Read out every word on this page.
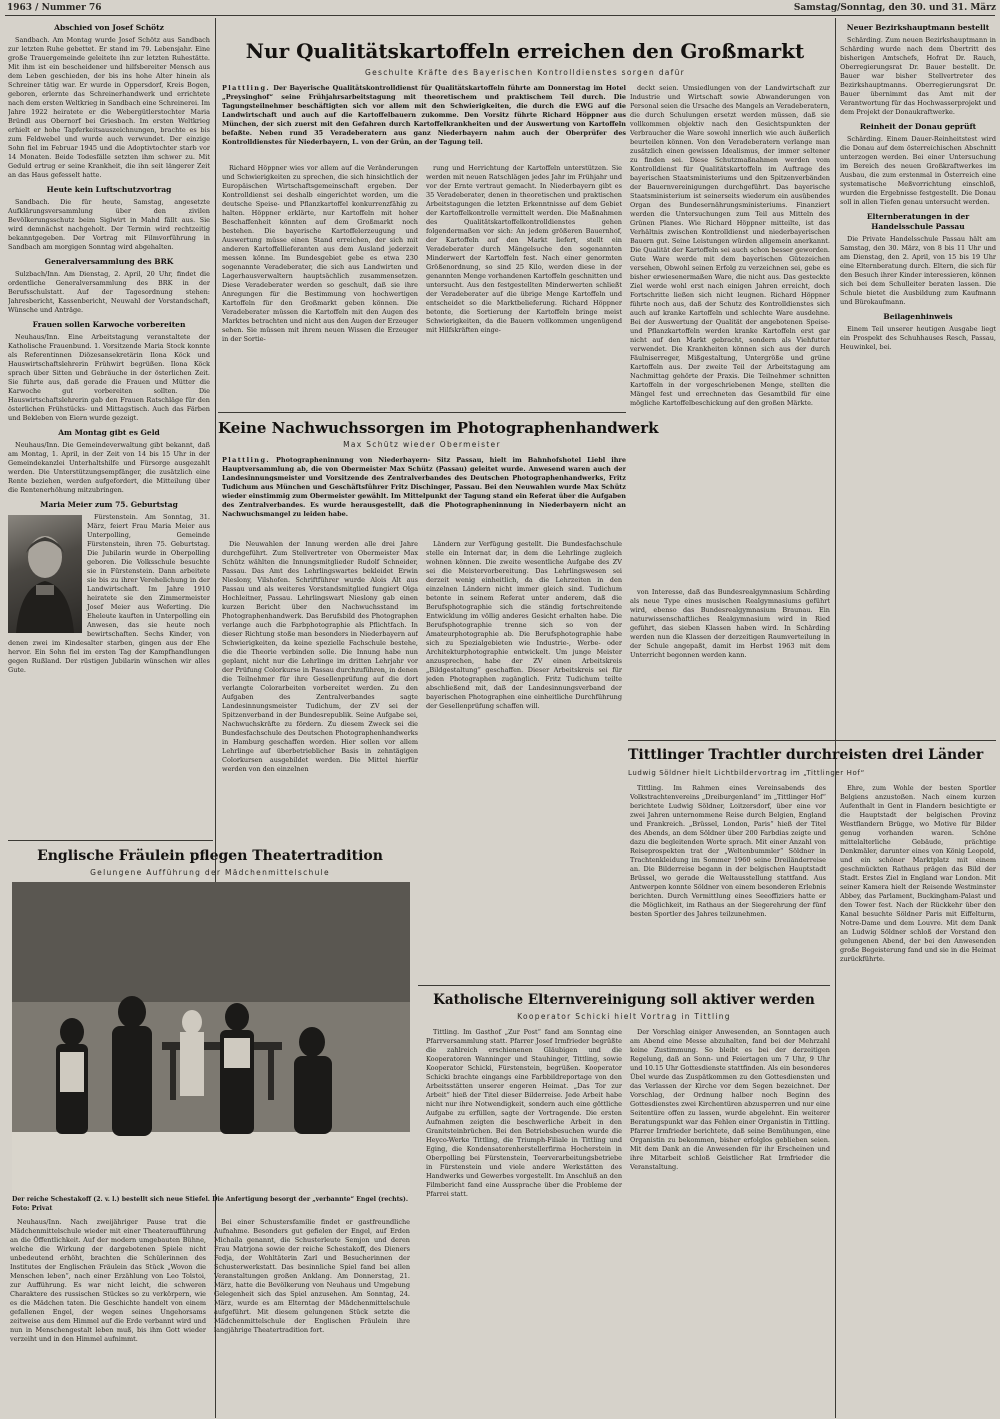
1963 / Nummer 76	Samstag/Sonntag, den 30. und 31. März
Abschied von Josef Schötz

Sandbach. Am Montag wurde Josef Schötz aus Sandbach zur letzten Ruhe gebettet. Er stand im 79. Lebensjahr. Eine große Trauergemeinde geleitete ihn zur letzten Ruhestätte. Mit ihm ist ein bescheidener und hilfsbereiter Mensch aus dem Leben geschieden, der bis ins hohe Alter hinein als Schreiner tätig war. Er wurde in Oppersdorf, Kreis Bogen, geboren, erlernte das Schreinerhandwerk und errichtete nach dem ersten Weltkrieg in Sandbach eine Schreinerei. Im Jahre 1922 heiratete er die Webergütlerstochter Maria Bründl aus Obernorf bei Griesbach. Im ersten Weltkrieg erhielt er hohe Tapferkeitsauszeichnungen, brachte es bis zum Feldwebel und wurde auch verwundet. Der einzige Sohn fiel im Februar 1945 und die Adoptivtochter starb vor 14 Monaten. Beide Todesfälle setzten ihm schwer zu. Mit Geduld ertrug er seine Krankheit, die ihn seit längerer Zeit an das Haus gefesselt hatte.

Heute kein Luftschutzvortrag

Sandbach. Die für heute, Samstag, angesetzte Aufklärungsversammlung über den zivilen Bevölkerungsschutz beim Siglwirt in Mahd fällt aus. Sie wird demnächst nachgeholt. Der Termin wird rechtzeitig bekanntgegeben. Der Vortrag mit Filmvorführung in Sandbach am morgigen Sonntag wird abgehalten.

Generalversammlung des BRK

Sulzbach/Inn. Am Dienstag, 2. April, 20 Uhr, findet die ordentliche Generalversammlung des BRK in der Berufsschulstatt. Auf der Tagesordnung stehen: Jahresbericht, Kassenbericht, Neuwahl der Vorstandschaft, Wünsche und Anträge.

Frauen sollen Karwoche vorbereiten

Neuhaus/Inn. Eine Arbeitstagung veranstaltete der Katholische Frauenbund. 1. Vorsitzende Maria Stock konnte als Referentinnen Diözesansekretärin Ilona Köck und Hauswirtschaftslehrerin Frühwirt begrüßen. Ilona Köck sprach über Sitten und Gebräuche in der österlichen Zeit. Sie führte aus, daß gerade die Frauen und Mütter die Karwoche gut vorbereiten sollten. Die Hauswirtschaftslehrerin gab den Frauen Ratschläge für den österlichen Frühstücks- und Mittagstisch. Auch das Färben und Bekleben von Eiern wurde gezeigt.

Am Montag gibt es Geld

Neuhaus/Inn. Die Gemeindeverwaltung gibt bekannt, daß am Montag, 1. April, in der Zeit von 14 bis 15 Uhr in der Gemeindekanzlei Unterhaltshilfe und Fürsorge ausgezahlt werden. Die Unterstützungsempfänger, die zusätzlich eine Rente beziehen, werden aufgefordert, die Mitteilung über die Rentenerhöhung mitzubringen.

Maria Meier zum 75. Geburtstag

Fürstenstein. Am Sonntag, 31. März, feiert Frau Maria Meier aus Unterpolling, Gemeinde Fürstenstein, ihren 75. Geburtstag. Die Jubilarin wurde in Oberpolling geboren. Die Volksschule besuchte sie in Fürstenstein. Dann arbeitete sie bis zu ihrer Verehelichung in der Landwirtschaft. Im Jahre 1910 heiratete sie den Zimmermeister Josef Meier aus Weferting. Die Eheleute kauften in Unterpolling ein Anwesen, das sie heute noch bewirtschaften. Sechs Kinder, von denen zwei im Kindesalter starben, gingen aus der Ehe hervor. Ein Sohn fiel im ersten Tag der Kampfhandlungen gegen Rußland. Der rüstigen Jubilarin wünschen wir alles Gute.

Englische Fräulein pflegen Theatertradition
Gelungene Aufführung der Mädchenmittelschule
Der reiche Schestakoff (2. v. l.) bestellt sich neue Stiefel. Die Anfertigung besorgt der „verbannte“ Engel (rechts). Foto: Privat

Neuhaus/Inn. Nach zweijähriger Pause trat die Mädchenmittelschule wieder mit einer Theateraufführung an die Öffentlichkeit. Auf der modern umgebauten Bühne, welche die Wirkung der dargebotenen Spiele nicht unbedeutend erhöht, brachten die Schülerinnen des Institutes der Englischen Fräulein das Stück „Wovon die Menschen leben“, nach einer Erzählung von Leo Tolstoi, zur Aufführung. Es war nicht leicht, die schweren Charaktere des russischen Stückes so zu verkörpern, wie es die Mädchen taten. Die Geschichte handelt von einem gefallenen Engel, der wegen seines Ungehorsams zeitweise aus dem Himmel auf die Erde verbannt wird und nun in Menschengestalt leben muß, bis ihm Gott wieder verzeiht und in den Himmel aufnimmt.

Bei einer Schustersfamilie findet er gastfreundliche Aufnahme. Besonders gut gefielen der Engel, auf Erden Michaila genannt, die Schusterleute Semjon und deren Frau Matrjona sowie der reiche Schestakoff, des Dieners Fedja, der Wohltäterin Zarl und Besucherinnen der Schusterwerkstatt. Das besinnliche Spiel fand bei allen Veranstaltungen großen Anklang. Am Donnerstag, 21. März, hatte die Bevölkerung von Neuhaus und Umgebung Gelegenheit sich das Spiel anzusehen. Am Sonntag, 24. März, wurde es am Elterntag der Mädchenmittelschule aufgeführt. Mit diesem gelungenen Stück setzte die Mädchenmittelschule der Englischen Fräulein ihre langjährige Theatertradition fort.

Nur Qualitätskartoffeln erreichen den Großmarkt
Geschulte Kräfte des Bayerischen Kontrolldienstes sorgen dafür
Plattling. Der Bayerische Qualitätskontrolldienst für Qualitätskartoffeln führte am Donnerstag im Hotel „Preysinghof“ seine Frühjahrsarbeitstagung mit theoretischem und praktischem Teil durch. Die Tagungsteilnehmer beschäftigten sich vor allem mit den Schwierigkeiten, die durch die EWG auf die Landwirtschaft und auch auf die Kartoffelbauern zukomme. Den Vorsitz führte Richard Höppner aus München, der sich zuerst mit den Gefahren durch Kartoffelkrankheiten und der Auswertung von Kartoffeln befaßte. Neben rund 35 Veradeberatern aus ganz Niederbayern nahm auch der Oberprüfer des Kontrolldienstes für Niederbayern, L. von der Grün, an der Tagung teil.

Richard Höppner wies vor allem auf die Veränderungen und Schwierigkeiten zu sprechen, die sich hinsichtlich der Europäischen Wirtschaftsgemeinschaft ergeben. Der Kontrolldienst sei deshalb eingerichtet worden, um die deutsche Speise- und Pflanzkartoffel konkurrenzfähig zu halten. Höppner erklärte, nur Kartoffeln mit hoher Beschaffenheit könnten auf dem Großmarkt noch bestehen. Die bayerische Kartoffelerzeugung und Auswertung müsse einen Stand erreichen, der sich mit anderen Kartoffellieferanten aus dem Ausland jederzeit messen könne. Im Bundesgebiet gebe es etwa 230 sogenannte Veradeberater, die sich aus Landwirten und Lagerhausverwaltern hauptsächlich zusammensetzen. Diese Veradeberater werden so geschult, daß sie ihre Anregungen für die Bestimmung von hochwertigen Kartoffeln für den Großmarkt geben können. Die Veradeberater müssen die Kartoffeln mit den Augen des Marktes betrachten und nicht aus den Augen der Erzeuger sehen. Sie müssen mit ihrem neuen Wissen die Erzeuger in der Sortie-

rung und Herrichtung der Kartoffeln unterstützen. Sie werden mit neuen Ratschlägen jedes Jahr im Frühjahr und vor der Ernte vertraut gemacht. In Niederbayern gibt es 35 Veradeberater, denen in theoretischen und praktischen Arbeitstagungen die letzten Erkenntnisse auf dem Gebiet der Kartoffelkontrolle vermittelt werden. Die Maßnahmen des Qualitätskartoffelkontrolldienstes gehen folgendermaßen vor sich: An jedem größeren Bauernhof, der Kartoffeln auf den Markt liefert, stellt ein Veradeberater durch Mängelsuche den sogenannten Minderwert der Kartoffeln fest. Nach einer genormten Größenordnung, so sind 25 Kilo, werden diese in der genannten Menge vorhandenen Kartoffeln geschnitten und untersucht. Aus den festgestellten Minderwerten schließt der Veradeberater auf die übrige Menge Kartoffeln und entscheidet so die Marktbelieferung. Richard Höppner betonte, die Sortierung der Kartoffeln bringe meist Schwierigkeiten, da die Bauern vollkommen ungenügend mit Hilfskräften einge-

deckt seien. Umsiedlungen von der Landwirtschaft zur Industrie und Wirtschaft sowie Abwanderungen von Personal seien die Ursache des Mangels an Veradeberatern, die durch Schulungen ersetzt werden müssen, daß sie vollkommen objektiv nach den Gesichtspunkten der Verbraucher die Ware sowohl innerlich wie auch äußerlich beurteilen können. Von den Veradeberatern verlange man zusätzlich einen gewissen Idealismus, der immer seltener zu finden sei. Diese Schutzmaßnahmen werden vom Kontrolldienst für Qualitätskartoffeln im Auftrage des bayerischen Staatsministeriums und den Spitzenverbänden der Bauernvereinigungen durchgeführt. Das bayerische Staatsministerium ist seinerseits wiederum ein ausübendes Organ des Bundesernährungsministeriums. Finanziert werden die Untersuchungen zum Teil aus Mitteln des Grünen Planes. Wie Richard Höppner mitteilte, ist das Verhältnis zwischen Kontrolldienst und niederbayerischen Bauern gut. Seine Leistungen würden allgemein anerkannt. Die Qualität der Kartoffeln sei auch schon besser geworden. Gute Ware werde mit dem bayerischen Gütezeichen versehen, Obwohl seinen Erfolg zu verzeichnen sei, gebe es bisher erwiesenermaßen Ware, die nicht aus. Das gesteckte Ziel werde wohl erst nach einigen Jahren erreicht, doch Fortschritte ließen sich nicht leugnen. Richard Höppner führte noch aus, daß der Schutz des Kontrolldienstes sich auch auf kranke Kartoffeln und schlechte Ware ausdehne. Bei der Auswertung der Qualität der angebotenen Speise- und Pflanzkartoffeln werden kranke Kartoffeln erst gar nicht auf den Markt gebracht, sondern als Viehfutter verwendet. Die Krankheiten können sich aus der durch Fäulniserreger, Mißgestaltung, Untergröße und grüne Kartoffeln aus. Der zweite Teil der Arbeitstagung am Nachmittag gehörte der Praxis. Die Teilnehmer schnitten Kartoffeln in der vorgeschriebenen Menge, stellten die Mängel fest und errechneten das Gesamtbild für eine mögliche Kartoffelbeschickung auf den großen Märkte.

Keine Nachwuchssorgen im Photographenhandwerk
Max Schütz wieder Obermeister
Plattling. Photographeninnung von Niederbayern- Sitz Passau, hielt im Bahnhofshotel Liebl ihre Hauptversammlung ab, die von Obermeister Max Schütz (Passau) geleitet wurde. Anwesend waren auch der Landesinnungsmeister und Vorsitzende des Zentralverbandes des Deutschen Photographenhandwerks, Fritz Tudichum aus München und Geschäftsführer Fritz Dischinger, Passau. Bei den Neuwahlen wurde Max Schütz wieder einstimmig zum Obermeister gewählt. Im Mittelpunkt der Tagung stand ein Referat über die Aufgaben des Zentralverbandes. Es wurde herausgestellt, daß die Photographeninnung in Niederbayern nicht an Nachwuchsmangel zu leiden habe.

Die Neuwahlen der Innung werden alle drei Jahre durchgeführt. Zum Stellvertreter von Obermeister Max Schütz wählten die Innungsmitglieder Rudolf Schneider, Passau. Das Amt des Lehrlingswartes bekleidet Erwin Nieslony, Vilshofen. Schriftführer wurde Alois Alt aus Passau und als weiteres Vorstandsmitglied fungiert Olga Hochleitner, Passau. Lehrlingswart Nieslony gab einen kurzen Bericht über den Nachwuchsstand im Photographenhandwerk. Das Berufsbild des Photographen verlange auch die Farbphotographie als Pflichtfach. In dieser Richtung stoße man besonders in Niederbayern auf Schwierigkeiten, da keine spezielle Fachschule bestehe, die die Theorie verbinden solle. Die Innung habe nun geplant, nicht nur die Lehrlinge im dritten Lehrjahr vor der Prüfung Colorkurse in Passau durchzuführen, in denen die Teilnehmer für ihre Gesellenprüfung auf die dort verlangte Colorarbeiten vorbereitet werden. Zu den Aufgaben des Zentralverbandes sagte Landesinnungsmeister Tudichum, der ZV sei der Spitzenverband in der Bundesrepublik. Seine Aufgabe sei, Nachwuchskräfte zu fördern. Zu diesem Zweck sei die Bundesfachschule des Deutschen Photographenhandwerks in Hamburg geschaffen worden. Hier sollen vor allem Lehrlinge auf überbetrieblicher Basis in zehntägigen Colorkursen ausgebildet werden. Die Mittel hierfür werden von den einzelnen

Ländern zur Verfügung gestellt. Die Bundesfachschule stelle ein Internat dar, in dem die Lehrlinge zugleich wohnen können. Die zweite wesentliche Aufgabe des ZV sei die Meistervorbereitung. Das Lehrlingswesen sei derzeit wenig einheitlich, da die Lehrzeiten in den einzelnen Ländern nicht immer gleich sind. Tudichum betonte in seinem Referat unter anderem, daß die Berufsphotographie sich die ständig fortschreitende Entwicklung im völlig anderes Gesicht erhalten habe. Die Berufsphotographie trenne sich so von der Amateurphotographie ab. Die Berufsphotographie habe sich zu Spezialgebieten wie Industrie-, Werbe- oder Architekturphotographie entwickelt. Um junge Meister anzusprechen, habe der ZV einen Arbeitskreis „Bildgestaltung“ geschaffen. Dieser Arbeitskreis sei für jeden Photographen zugänglich. Fritz Tudichum teilte abschließend mit, daß der Landesinnungsverband der bayerischen Photographen eine einheitliche Durchführung der Gesellenprüfung schaffen will.

von Interesse, daß das Bundesrealgymnasium Schärding als neue Type eines musischen Realgymnasiums geführt wird, ebenso das Bundesrealgymnasium Braunau. Ein naturwissenschaftliches Realgymnasium wird in Ried geführt, das sieben Klassen haben wird. In Schärding werden nun die Klassen der derzeitigen Raumverteilung in der Schule angepaßt, damit im Herbst 1963 mit dem Unterricht begonnen werden kann.

Tittlinger Trachtler durchreisten drei Länder
Ludwig Söldner hielt Lichtbildervortrag im „Tittlinger Hof“

Tittling. Im Rahmen eines Vereinsabends des Volkstrachtenvereins „Dreiburgenland“ im „Tittlinger Hof“ berichtete Ludwig Söldner, Loitzersdorf, über eine vor zwei Jahren unternommene Reise durch Belgien, England und Frankreich. „Brüssel, London, Paris“ hieß der Titel des Abends, an dem Söldner über 200 Farbdias zeigte und dazu die begleitenden Worte sprach. Mit einer Anzahl von Reiseprospekten trat der „Weltenbummler“ Söldner in Trachtenkleidung im Sommer 1960 seine Dreiländerreise an. Die Bilderreise begann in der belgischen Hauptstadt Brüssel, wo gerade die Weltausstellung stattfand. Aus Antwerpen konnte Söldner von einem besonderen Erlebnis berichten. Durch Vermittlung eines Seeoffiziers hatte er die Möglichkeit, im Rathaus an der Siegerehrung der fünf besten Sportler des Jahres teilzunehmen.

Ehre, zum Wohle der besten Sportler Belgiens anzustoßen. Nach einem kurzen Aufenthalt in Gent in Flandern besichtigte er die Hauptstadt der belgischen Provinz Westflandern Brügge, wo Motive für Bilder genug vorhanden waren. Schöne mittelalterliche Gebäude, prächtige Denkmäler, darunter eines von König Leopold, und ein schöner Marktplatz mit einem geschmückten Rathaus prägen das Bild der Stadt. Erstes Ziel in England war London. Mit seiner Kamera hielt der Reisende Westminster Abbey, das Parlament, Buckingham-Palast und den Tower fest. Nach der Rückkehr über den Kanal besuchte Söldner Paris mit Eiffelturm, Notre-Dame und dem Louvre. Mit dem Dank an Ludwig Söldner schloß der Vorstand den gelungenen Abend, der bei den Anwesenden große Begeisterung fand und sie in die Heimat zurückführte.

Katholische Elternvereinigung soll aktiver werden
Kooperator Schicki hielt Vortrag in Tittling

Tittling. Im Gasthof „Zur Post“ fand am Sonntag eine Pfarrversammlung statt. Pfarrer Josef Irmfrieder begrüßte die zahlreich erschienenen Gläubigen und die Kooperatoren Wanninger und Stauhinger, Tittling, sowie Kooperator Schicki, Fürstenstein, begrüßen. Kooperator Schicki brachte eingangs eine Farbbildreportage von den Arbeitsstätten unserer engeren Heimat. „Das Tor zur Arbeit“ hieß der Titel dieser Bilderreise. Jede Arbeit habe nicht nur ihre Notwendigkeit, sondern auch eine göttliche Aufgabe zu erfüllen, sagte der Vortragende. Die ersten Aufnahmen zeigten die beschwerliche Arbeit in den Granitsteinbrüchen. Bei den Betriebsbesuchen wurde die Heyco-Werke Tittling, die Triumph-Filiale in Tittling und Eging, die Kondensatorenherstellerfirma Hocherstein in Oberpolling bei Fürstenstein, Teerverarbeitungsbetriebe in Fürstenstein und viele andere Werkstätten des Handwerks und Gewerbes vorgestellt. Im Anschluß an den Filmbericht fand eine Aussprache über die Probleme der Pfarrei statt.

Der Vorschlag einiger Anwesenden, an Sonntagen auch am Abend eine Messe abzuhalten, fand bei der Mehrzahl keine Zustimmung. So bleibt es bei der derzeitigen Regelung, daß an Sonn- und Feiertagen um 7 Uhr, 9 Uhr und 10.15 Uhr Gottesdienste stattfinden. Als ein besonderes Übel wurde das Zuspätkommen zu den Gottesdiensten und das Verlassen der Kirche vor dem Segen bezeichnet. Der Vorschlag, der Ordnung halber noch Beginn des Gottesdienstes zwei Kirchentüren abzusperren und nur eine Seitentüre offen zu lassen, wurde abgelehnt. Ein weiterer Beratungspunkt war das Fehlen einer Organistin in Tittling. Pfarrer Irmfrieder berichtete, daß seine Bemühungen, eine Organistin zu bekommen, bisher erfolglos geblieben seien. Mit dem Dank an die Anwesenden für ihr Erscheinen und ihre Mitarbeit schloß Geistlicher Rat Irmfrieder die Veranstaltung.

Neuer Bezirkshauptmann bestellt

Schärding. Zum neuen Bezirkshauptmann in Schärding wurde nach dem Übertritt des bisherigen Amtschefs, Hofrat Dr. Rauch, Oberregierungsrat Dr. Bauer bestellt. Dr. Bauer war bisher Stellvertreter des Bezirkshauptmanns. Oberregierungsrat Dr. Bauer übernimmt das Amt mit der Verantwortung für das Hochwasserprojekt und dem Projekt der Donaukraftwerke.

Reinheit der Donau geprüft

Schärding. Einem Dauer-Reinheitstest wird die Donau auf dem österreichischen Abschnitt unterzogen werden. Bei einer Untersuchung im Bereich des neuen Großkraftwerkes im Ausbau, die zum erstenmal in Österreich eine systematische Meßvorrichtung einschloß, wurden die Ergebnisse festgestellt. Die Donau soll in allen Tiefen genau untersucht werden.

Elternberatungen in der Handelsschule Passau

Die Private Handelsschule Passau hält am Samstag, den 30. März, von 8 bis 11 Uhr und am Dienstag, den 2. April, von 15 bis 19 Uhr eine Elternberatung durch. Eltern, die sich für den Besuch ihrer Kinder interessieren, können sich bei dem Schulleiter beraten lassen. Die Schule bietet die Ausbildung zum Kaufmann und Bürokaufmann.

Beilagenhinweis

Einem Teil unserer heutigen Ausgabe liegt ein Prospekt des Schuhhauses Resch, Passau, Heuwinkel, bei.
